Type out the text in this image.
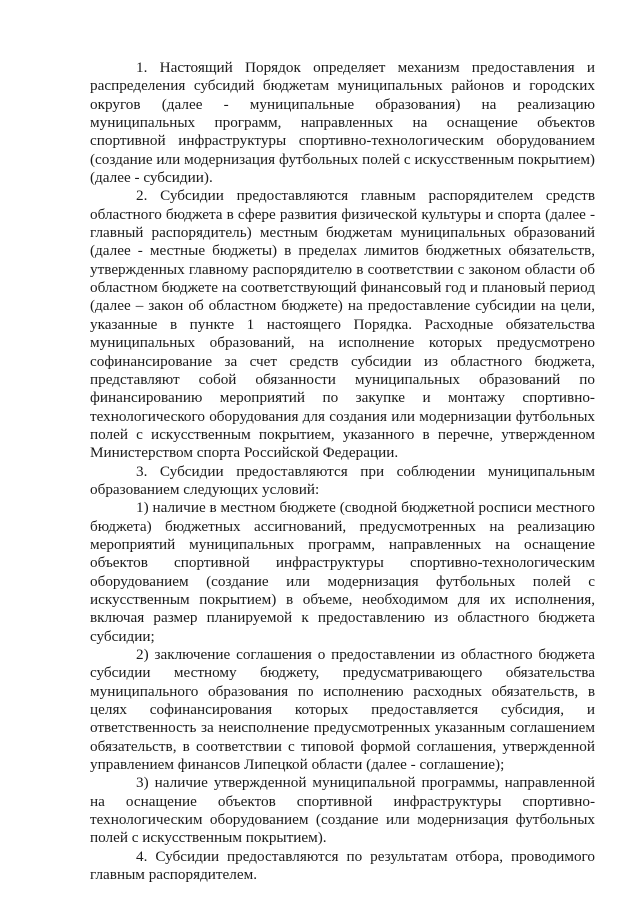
1. Настоящий Порядок определяет механизм предоставления и распределения субсидий бюджетам муниципальных районов и городских округов (далее - муниципальные образования) на реализацию муниципальных программ, направленных на оснащение объектов спортивной инфраструктуры спортивно-технологическим оборудованием (создание или модернизация футбольных полей с искусственным покрытием) (далее - субсидии).

2. Субсидии предоставляются главным распорядителем средств областного бюджета в сфере развития физической культуры и спорта (далее - главный распорядитель) местным бюджетам муниципальных образований (далее - местные бюджеты) в пределах лимитов бюджетных обязательств, утвержденных главному распорядителю в соответствии с законом области об областном бюджете на соответствующий финансовый год и плановый период (далее – закон об областном бюджете) на предоставление субсидии на цели, указанные в пункте 1 настоящего Порядка. Расходные обязательства муниципальных образований, на исполнение которых предусмотрено софинансирование за счет средств субсидии из областного бюджета, представляют собой обязанности муниципальных образований по финансированию мероприятий по закупке и монтажу спортивно-технологического оборудования для создания или модернизации футбольных полей с искусственным покрытием, указанного в перечне, утвержденном Министерством спорта Российской Федерации.

3. Субсидии предоставляются при соблюдении муниципальным образованием следующих условий:

1) наличие в местном бюджете (сводной бюджетной росписи местного бюджета) бюджетных ассигнований, предусмотренных на реализацию мероприятий муниципальных программ, направленных на оснащение объектов спортивной инфраструктуры спортивно-технологическим оборудованием (создание или модернизация футбольных полей с искусственным покрытием) в объеме, необходимом для их исполнения, включая размер планируемой к предоставлению из областного бюджета субсидии;

2) заключение соглашения о предоставлении из областного бюджета субсидии местному бюджету, предусматривающего обязательства муниципального образования по исполнению расходных обязательств, в целях софинансирования которых предоставляется субсидия, и ответственность за неисполнение предусмотренных указанным соглашением обязательств, в соответствии с типовой формой соглашения, утвержденной управлением финансов Липецкой области (далее - соглашение);

3) наличие утвержденной муниципальной программы, направленной на оснащение объектов спортивной инфраструктуры спортивно-технологическим оборудованием (создание или модернизация футбольных полей с искусственным покрытием).

4. Субсидии предоставляются по результатам отбора, проводимого главным распорядителем.
